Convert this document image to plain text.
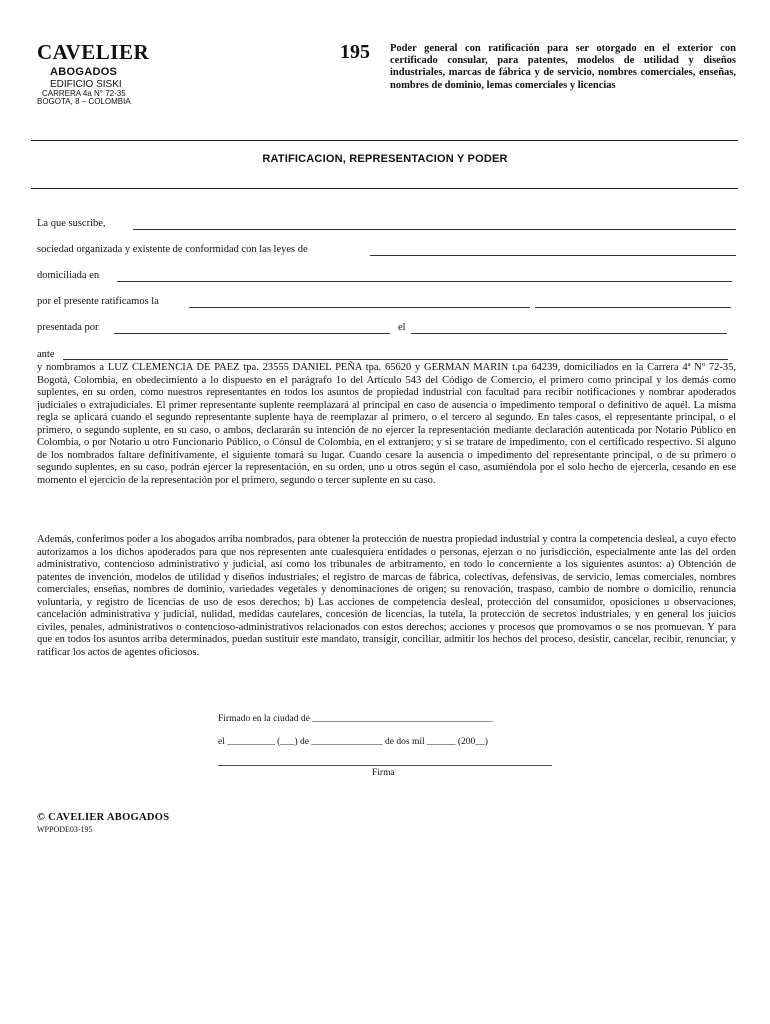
CAVELIER
ABOGADOS
EDIFICIO SISKI
CARRERA 4a N° 72-35
BOGOTA, 8 – COLOMBIA
195 Poder general con ratificación para ser otorgado en el exterior con certificado consular, para patentes, modelos de utilidad y diseños industriales, marcas de fábrica y de servicio, nombres comerciales, enseñas, nombres de dominio, lemas comerciales y licencias
RATIFICACION, REPRESENTACION Y PODER
La que suscribe,
sociedad organizada y existente de conformidad con las leyes de
domiciliada en
por el presente ratificamos la
presentada por	el
ante
y nombramos a LUZ CLEMENCIA DE PAEZ tpa. 23555 DANIEL PEÑA tpa. 65620 y GERMAN MARIN t.pa 64239, domiciliados en la Carrera 4ª Nº 72-35, Bogotá, Colombia, en obedecimiento a lo dispuesto en el parágrafo 1o del Artículo 543 del Código de Comercio, el primero como principal y los demás como suplentes, en su orden, como nuestros representantes en todos los asuntos de propiedad industrial con facultad para recibir notificaciones y nombrar apoderados judiciales o extrajudiciales. El primer representante suplente reemplazará al principal en caso de ausencia o impedimento temporal o definitivo de aquél. La misma regla se aplicará cuando el segundo representante suplente haya de reemplazar al primero, o el tercero al segundo. En tales casos, el representante principal, o el primero, o segundo suplente, en su caso, o ambos, declararán su intención de no ejercer la representación mediante declaración autenticada por Notario Público en Colombia, o por Notario u otro Funcionario Público, o Cónsul de Colombia, en el extranjero; y si se tratare de impedimento, con el certificado respectivo. Si alguno de los nombrados faltare definitivamente, el siguiente tomará su lugar. Cuando cesare la ausencia o impedimento del representante principal, o de su primero o segundo suplentes, en su caso, podrán ejercer la representación, en su orden, uno u otros según el caso, asumiéndola por el solo hecho de ejercerla, cesando en ese momento el ejercicio de la representación por el primero, segundo o tercer suplente en su caso.
Además, conferimos poder a los abogados arriba nombrados, para obtener la protección de nuestra propiedad industrial y contra la competencia desleal, a cuyo efecto autorizamos a los dichos apoderados para que nos representen ante cualesquiera entidades o personas, ejerzan o no jurisdicción, especialmente ante las del orden administrativo, contencioso administrativo y judicial, así como los tribunales de arbitramento, en todo lo concerniente a los siguientes asuntos: a) Obtención de patentes de invención, modelos de utilidad y diseños industriales; el registro de marcas de fábrica, colectivas, defensivas, de servicio, lemas comerciales, nombres comerciales, enseñas, nombres de dominio, variedades vegetales y denominaciones de origen; su renovación, traspaso, cambio de nombre o domicilio, renuncia voluntaria, y registro de licencias de uso de esos derechos; b) Las acciones de competencia desleal, protección del consumidor, oposiciones u observaciones, cancelación administrativa y judicial, nulidad, medidas cautelares, concesión de licencias, la tutela, la protección de secretos industriales, y en general los juicios civiles, penales, administrativos o contencioso-administrativos relacionados con estos derechos; acciones y procesos que promovamos o se nos promuevan. Y para que en todos los asuntos arriba determinados, puedan sustituir este mandato, transigir, conciliar, admitir los hechos del proceso, desistir, cancelar, recibir, renunciar, y ratificar los actos de agentes oficiosos.
Firmado en la ciudad de ______________________________________
el __________ (___) de _______________ de dos mil ______ (200__)
Firma
© CAVELIER ABOGADOS
WPPODE03-195
